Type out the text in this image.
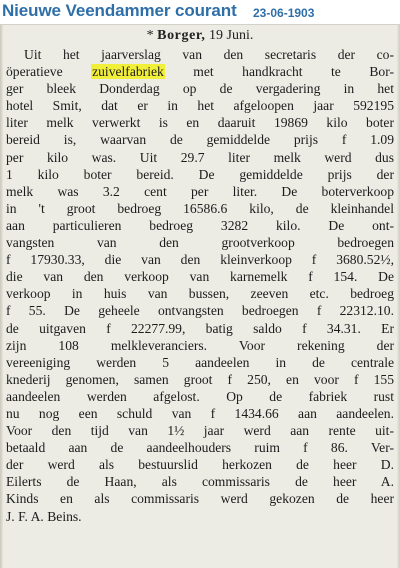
Nieuwe Veendammer courant 23-06-1903
* Borger, 19 Juni.
Uit het jaarverslag van den secretaris der co-
öperatieve zuivelfabriek met handkracht te Bor-
ger bleek Donderdag op de vergadering in het
hotel Smit, dat er in het afgeloopen jaar 592195
liter melk verwerkt is en daaruit 19869 kilo boter
bereid is, waarvan de gemiddelde prijs f 1.09
per kilo was. Uit 29.7 liter melk werd dus
1 kilo boter bereid. De gemiddelde prijs der
melk was 3.2 cent per liter. De boterverkoop
in 't groot bedroeg 16586.6 kilo, de kleinhandel
aan particulieren bedroeg 3282 kilo. De ont-
vangsten van den grootverkoop bedroegen
f 17930.33, die van den kleinverkoop f 3680.52½,
die van den verkoop van karnemelk f 154. De
verkoop in huis van bussen, zeeven etc. bedroeg
f 55. De geheele ontvangsten bedroegen f 22312.10.
de uitgaven f 22277.99, batig saldo f 34.31. Er
zijn 108 melkleveranciers. Voor rekening der
vereeniging werden 5 aandeelen in de centrale
knederij genomen, samen groot f 250, en voor f 155
aandeelen werden afgelost. Op de fabriek rust
nu nog een schuld van f 1434.66 aan aandeelen.
Voor den tijd van 1½ jaar werd aan rente uit-
betaald aan de aandeelhouders ruim f 86. Ver-
der werd als bestuurslid herkozen de heer D.
Eilerts de Haan, als commissaris de heer A.
Kinds en als commissaris werd gekozen de heer
J. F. A. Beins.
